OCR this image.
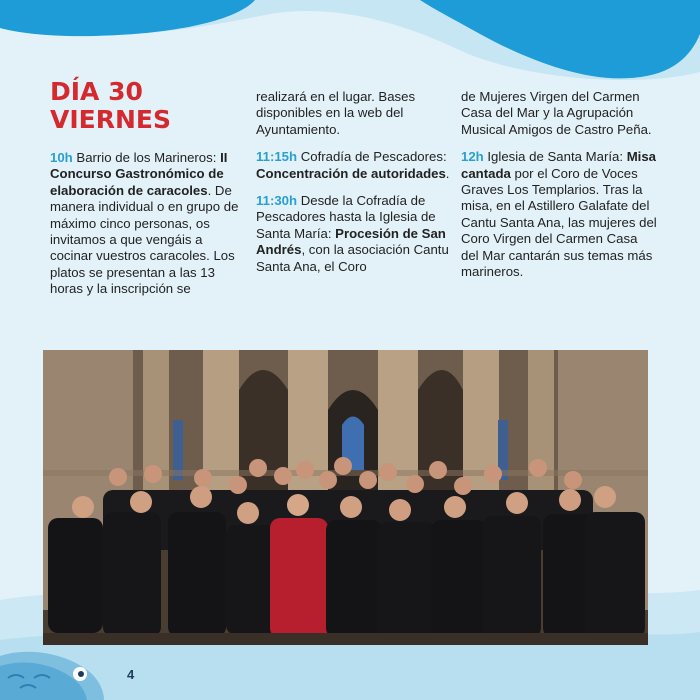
DÍA 30
VIERNES

10h Barrio de los Marineros: II Concurso Gastronómico de elaboración de caracoles. De manera individual o en grupo de máximo cinco personas, os invitamos a que vengáis a cocinar vuestros caracoles. Los platos se presentan a las 13 horas y la inscripción se

realizará en el lugar. Bases disponibles en la web del Ayuntamiento.

11:15h Cofradía de Pescadores: Concentración de autoridades.

11:30h Desde la Cofradía de Pescadores hasta la Iglesia de Santa María: Procesión de San Andrés, con la asociación Cantu Santa Ana, el Coro

de Mujeres Virgen del Carmen Casa del Mar y la Agrupación Musical Amigos de Castro Peña.

12h Iglesia de Santa María: Misa cantada por el Coro de Voces Graves Los Templarios. Tras la misa, en el Astillero Galafate del Cantu Santa Ana, las mujeres del Coro Virgen del Carmen Casa del Mar cantarán sus temas más marineros.

4
